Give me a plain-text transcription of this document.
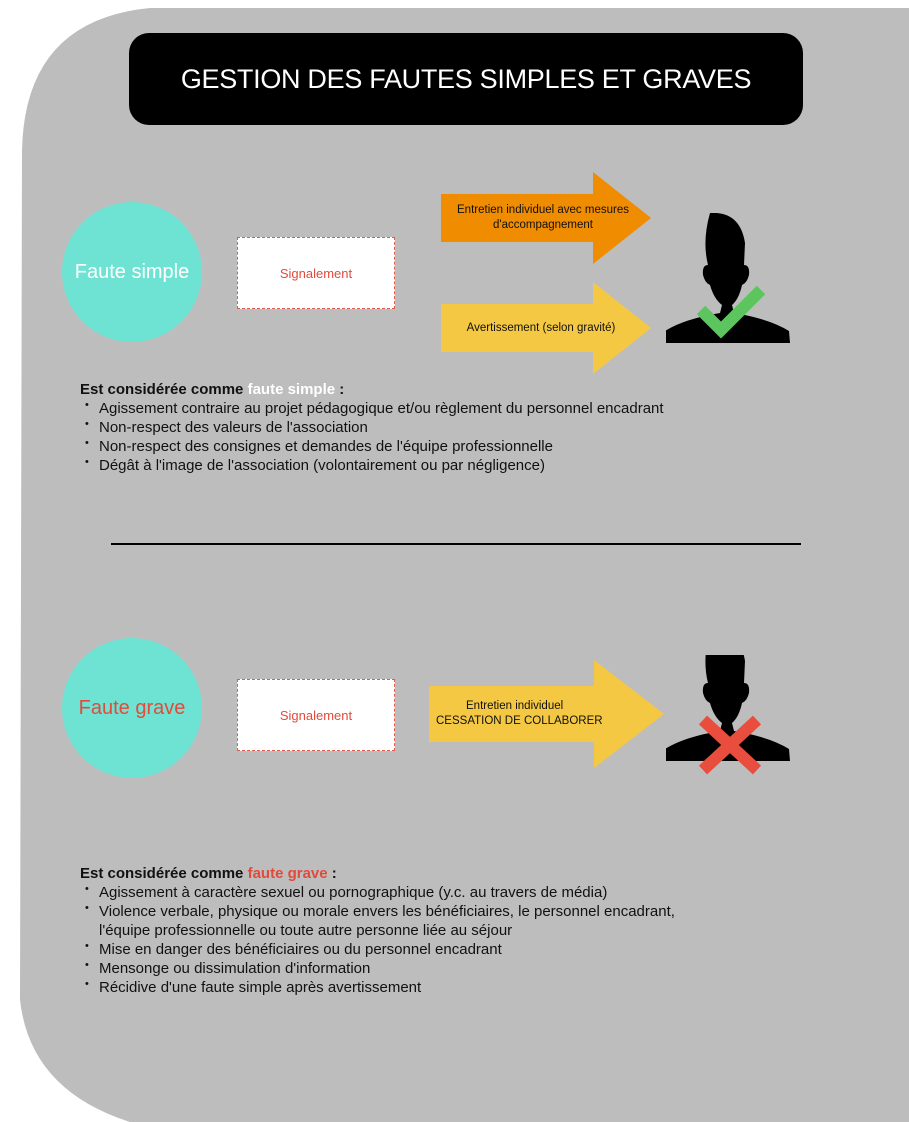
GESTION DES FAUTES SIMPLES ET GRAVES
Faute simple	Signalement
Entretien individuel avec mesures d'accompagnement
Avertissement (selon gravité)
Est considérée comme faute simple :
• Agissement contraire au projet pédagogique et/ou règlement du personnel encadrant
• Non-respect des valeurs de l'association
• Non-respect des consignes et demandes de l'équipe professionnelle
• Dégât à l'image de l'association (volontairement ou par négligence)
Faute grave	Signalement
Entretien individuel
CESSATION DE COLLABORER
Est considérée comme faute grave :
• Agissement à caractère sexuel ou pornographique (y.c. au travers de média)
• Violence verbale, physique ou morale envers les bénéficiaires, le personnel encadrant, l'équipe professionnelle ou toute autre personne liée au séjour
• Mise en danger des bénéficiaires ou du personnel encadrant
• Mensonge ou dissimulation d'information
• Récidive d'une faute simple après avertissement
